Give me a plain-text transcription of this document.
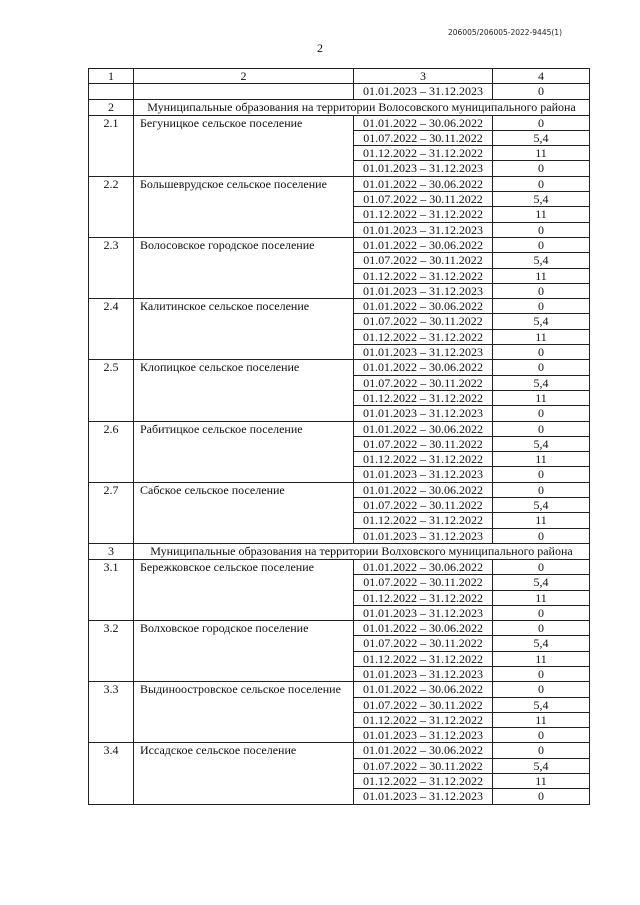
206005/206005-2022-9445(1)
2
1	2	3	4
		01.01.2023 – 31.12.2023	0
2	Муниципальные образования на территории Волосовского муниципального района		
2.1	Бегуницкое сельское поселение	01.01.2022 – 30.06.2022	0
		01.07.2022 – 30.11.2022	5,4
		01.12.2022 – 31.12.2022	11
		01.01.2023 – 31.12.2023	0
2.2	Большеврудское сельское поселение	01.01.2022 – 30.06.2022	0
		01.07.2022 – 30.11.2022	5,4
		01.12.2022 – 31.12.2022	11
		01.01.2023 – 31.12.2023	0
2.3	Волосовское городское поселение	01.01.2022 – 30.06.2022	0
		01.07.2022 – 30.11.2022	5,4
		01.12.2022 – 31.12.2022	11
		01.01.2023 – 31.12.2023	0
2.4	Калитинское сельское поселение	01.01.2022 – 30.06.2022	0
		01.07.2022 – 30.11.2022	5,4
		01.12.2022 – 31.12.2022	11
		01.01.2023 – 31.12.2023	0
2.5	Клопицкое сельское поселение	01.01.2022 – 30.06.2022	0
		01.07.2022 – 30.11.2022	5,4
		01.12.2022 – 31.12.2022	11
		01.01.2023 – 31.12.2023	0
2.6	Рабитицкое сельское поселение	01.01.2022 – 30.06.2022	0
		01.07.2022 – 30.11.2022	5,4
		01.12.2022 – 31.12.2022	11
		01.01.2023 – 31.12.2023	0
2.7	Сабское сельское поселение	01.01.2022 – 30.06.2022	0
		01.07.2022 – 30.11.2022	5,4
		01.12.2022 – 31.12.2022	11
		01.01.2023 – 31.12.2023	0
3	Муниципальные образования на территории Волховского муниципального района		
3.1	Бережковское сельское поселение	01.01.2022 – 30.06.2022	0
		01.07.2022 – 30.11.2022	5,4
		01.12.2022 – 31.12.2022	11
		01.01.2023 – 31.12.2023	0
3.2	Волховское городское поселение	01.01.2022 – 30.06.2022	0
		01.07.2022 – 30.11.2022	5,4
		01.12.2022 – 31.12.2022	11
		01.01.2023 – 31.12.2023	0
3.3	Выдиноостровское сельское поселение	01.01.2022 – 30.06.2022	0
		01.07.2022 – 30.11.2022	5,4
		01.12.2022 – 31.12.2022	11
		01.01.2023 – 31.12.2023	0
3.4	Иссадское сельское поселение	01.01.2022 – 30.06.2022	0
		01.07.2022 – 30.11.2022	5,4
		01.12.2022 – 31.12.2022	11
		01.01.2023 – 31.12.2023	0
